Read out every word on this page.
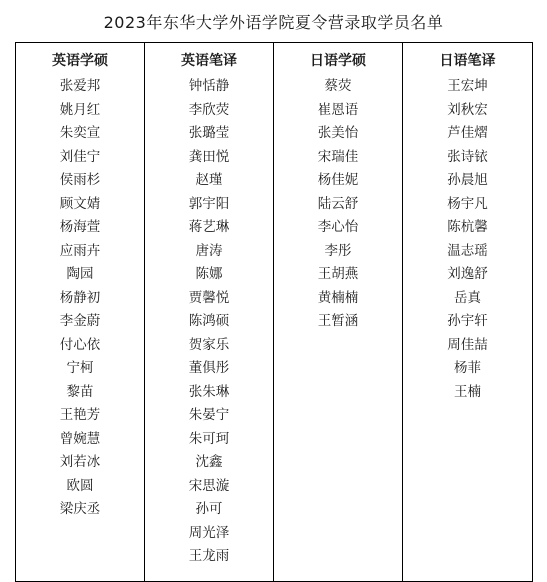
2023年东华大学外语学院夏令营录取学员名单
英语学硕
张爱邦
姚月红
朱奕宣
刘佳宁
侯雨杉
顾文婧
杨海萱
应雨卉
陶园
杨静初
李金蔚
付心依
宁柯
黎苗
王艳芳
曾婉慧
刘若冰
欧圆
梁庆丞
英语笔译
钟恬静
李欣荧
张璐莹
龚田悦
赵瑾
郭宇阳
蒋艺琳
唐涛
陈娜
贾馨悦
陈鸿硕
贺家乐
董俱彤
张朱琳
朱晏宁
朱可珂
沈鑫
宋思漩
孙可
周光泽
王龙雨
日语学硕
蔡荧
崔恩语
张美怡
宋瑞佳
杨佳妮
陆云舒
李心怡
李彤
王胡燕
黄楠楠
王暂涵
日语笔译
王宏坤
刘秋宏
芦佳熠
张诗铱
孙晨旭
杨宇凡
陈杭馨
温志瑶
刘逸舒
岳真
孙宇轩
周佳喆
杨菲
王楠
